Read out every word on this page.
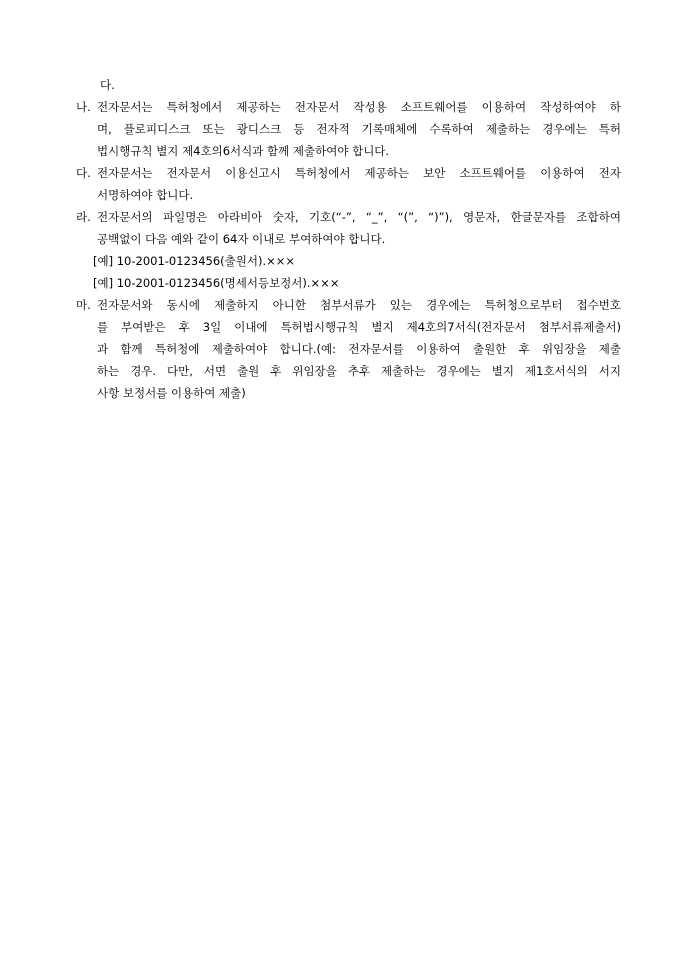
다.
나. 전자문서는 특허청에서 제공하는 전자문서 작성용 소프트웨어를 이용하여 작성하여야 하
며, 플로피디스크 또는 광디스크 등 전자적 기록매체에 수록하여 제출하는 경우에는 특허
법시행규칙 별지 제4호의6서식과 함께 제출하여야 합니다.
다. 전자문서는 전자문서 이용신고시 특허청에서 제공하는 보안 소프트웨어를 이용하여 전자
서명하여야 합니다.
라. 전자문서의 파일명은 아라비아 숫자, 기호(“-”, “_”, “(”, “)”), 영문자, 한글문자를 조합하여
공백없이 다음 예와 같이 64자 이내로 부여하여야 합니다.
[예] 10-2001-0123456(출원서).×××
[예] 10-2001-0123456(명세서등보정서).×××
마. 전자문서와 동시에 제출하지 아니한 첨부서류가 있는 경우에는 특허청으로부터 접수번호
를 부여받은 후 3일 이내에 특허법시행규칙 별지 제4호의7서식(전자문서 첨부서류제출서)
과 함께 특허청에 제출하여야 합니다.(예: 전자문서를 이용하여 출원한 후 위임장을 제출
하는 경우. 다만, 서면 출원 후 위임장을 추후 제출하는 경우에는 별지 제1호서식의 서지
사항 보정서를 이용하여 제출)
